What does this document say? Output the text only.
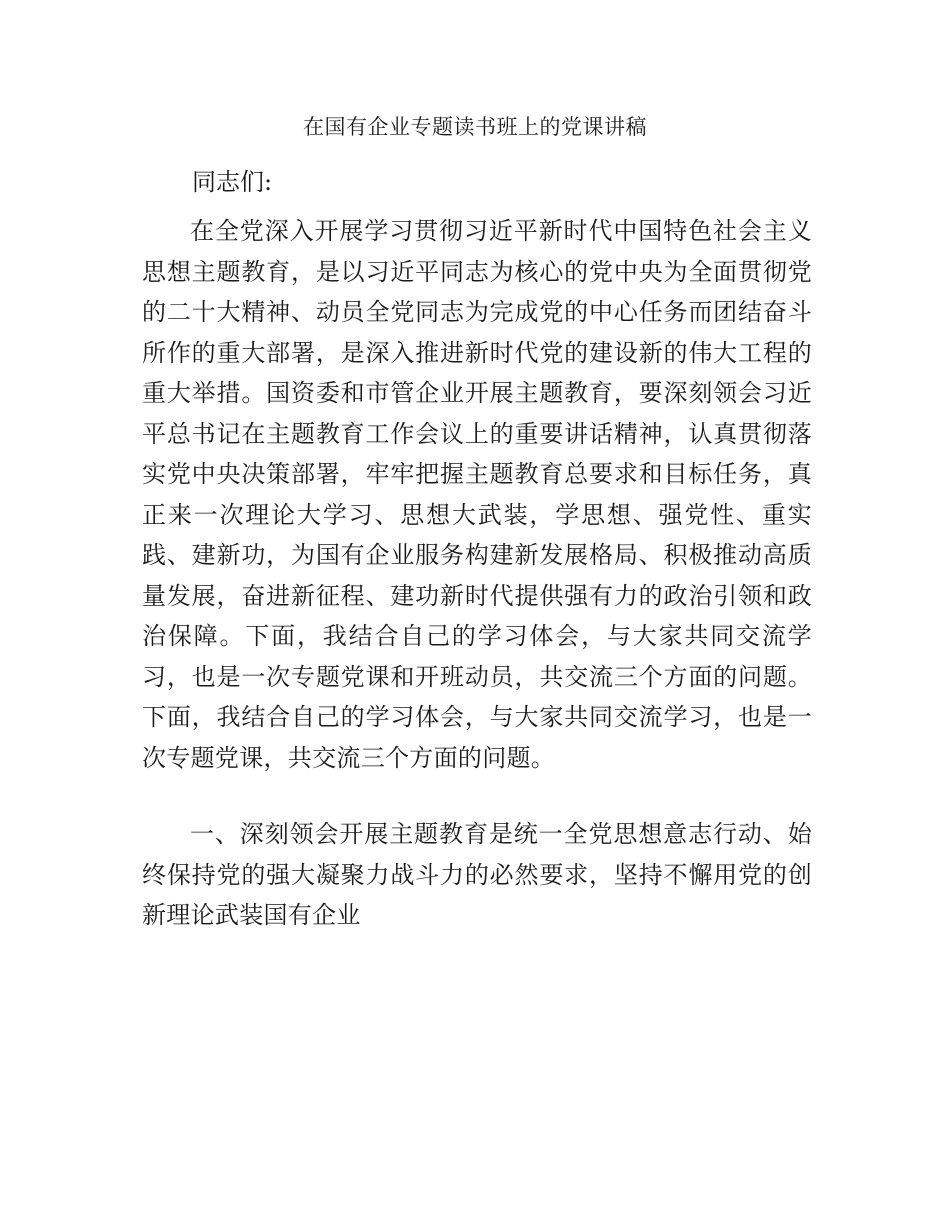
在国有企业专题读书班上的党课讲稿
同志们:

在全党深入开展学习贯彻习近平新时代中国特色社会主义思想主题教育，是以习近平同志为核心的党中央为全面贯彻党的二十大精神、动员全党同志为完成党的中心任务而团结奋斗所作的重大部署，是深入推进新时代党的建设新的伟大工程的重大举措。国资委和市管企业开展主题教育，要深刻领会习近平总书记在主题教育工作会议上的重要讲话精神，认真贯彻落实党中央决策部署，牢牢把握主题教育总要求和目标任务，真正来一次理论大学习、思想大武装，学思想、强党性、重实践、建新功，为国有企业服务构建新发展格局、积极推动高质量发展，奋进新征程、建功新时代提供强有力的政治引领和政治保障。下面，我结合自己的学习体会，与大家共同交流学习，也是一次专题党课和开班动员，共交流三个方面的问题。下面，我结合自己的学习体会，与大家共同交流学习，也是一次专题党课，共交流三个方面的问题。

一、深刻领会开展主题教育是统一全党思想意志行动、始终保持党的强大凝聚力战斗力的必然要求，坚持不懈用党的创新理论武装国有企业
